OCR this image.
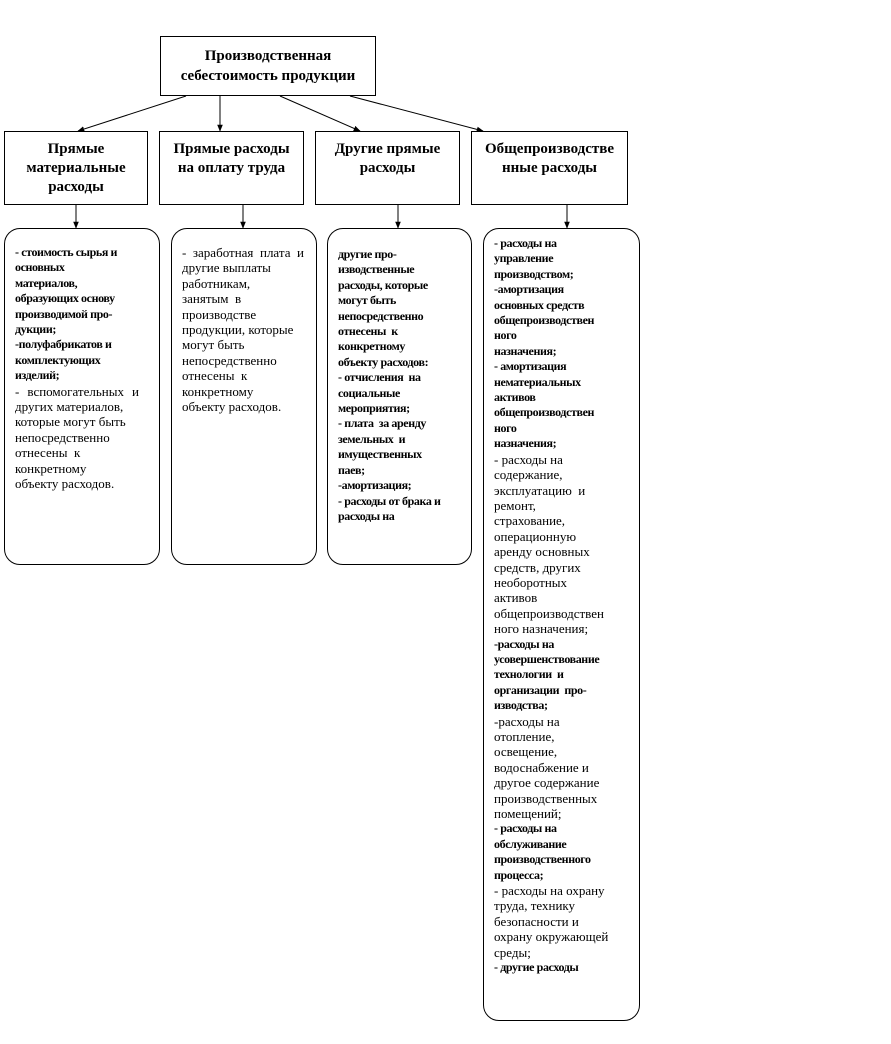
Производственная
себестоимость продукции
Прямые
материальные
расходы
Прямые расходы
на оплату труда
Другие прямые
расходы
Общепроизводстве
нные расходы
- стоимость сырья и
основных
материалов,
образующих основу
производимой про-
дукции;
-полуфабрикатов и
комплектующих
изделий;
- вспомогательных и
других материалов,
которые могут быть
непосредственно
отнесены  к
конкретному
объекту расходов.
- заработная плата и
другие выплаты
работникам,
занятым  в
производстве
продукции, которые
могут быть
непосредственно
отнесены  к
конкретному
объекту расходов.
другие про-
изводственные
расходы, которые
могут быть
непосредственно
отнесены  к
конкретному
объекту расходов:
- отчисления  на
социальные
мероприятия;
- плата  за аренду
земельных  и
имущественных
паев;
-амортизация;
- расходы от брака и
расходы на
- расходы на
управление
производством;
-амортизация
основных средств
общепроизводствен
ного
назначения;
- амортизация
нематериальных
активов
общепроизводствен
ного
назначения;
- расходы на
содержание,
эксплуатацию  и
ремонт,
страхование,
операционную
аренду основных
средств, других
необоротных
активов
общепроизводствен
ного назначения;
-расходы на
усовершенствование
технологии  и
организации  про-
изводства;
-расходы на
отопление,
освещение,
водоснабжение и
другое содержание
производственных
помещений;
- расходы на
обслуживание
производственного
процесса;
- расходы на охрану
труда, технику
безопасности и
охрану окружающей
среды;
- другие расходы
